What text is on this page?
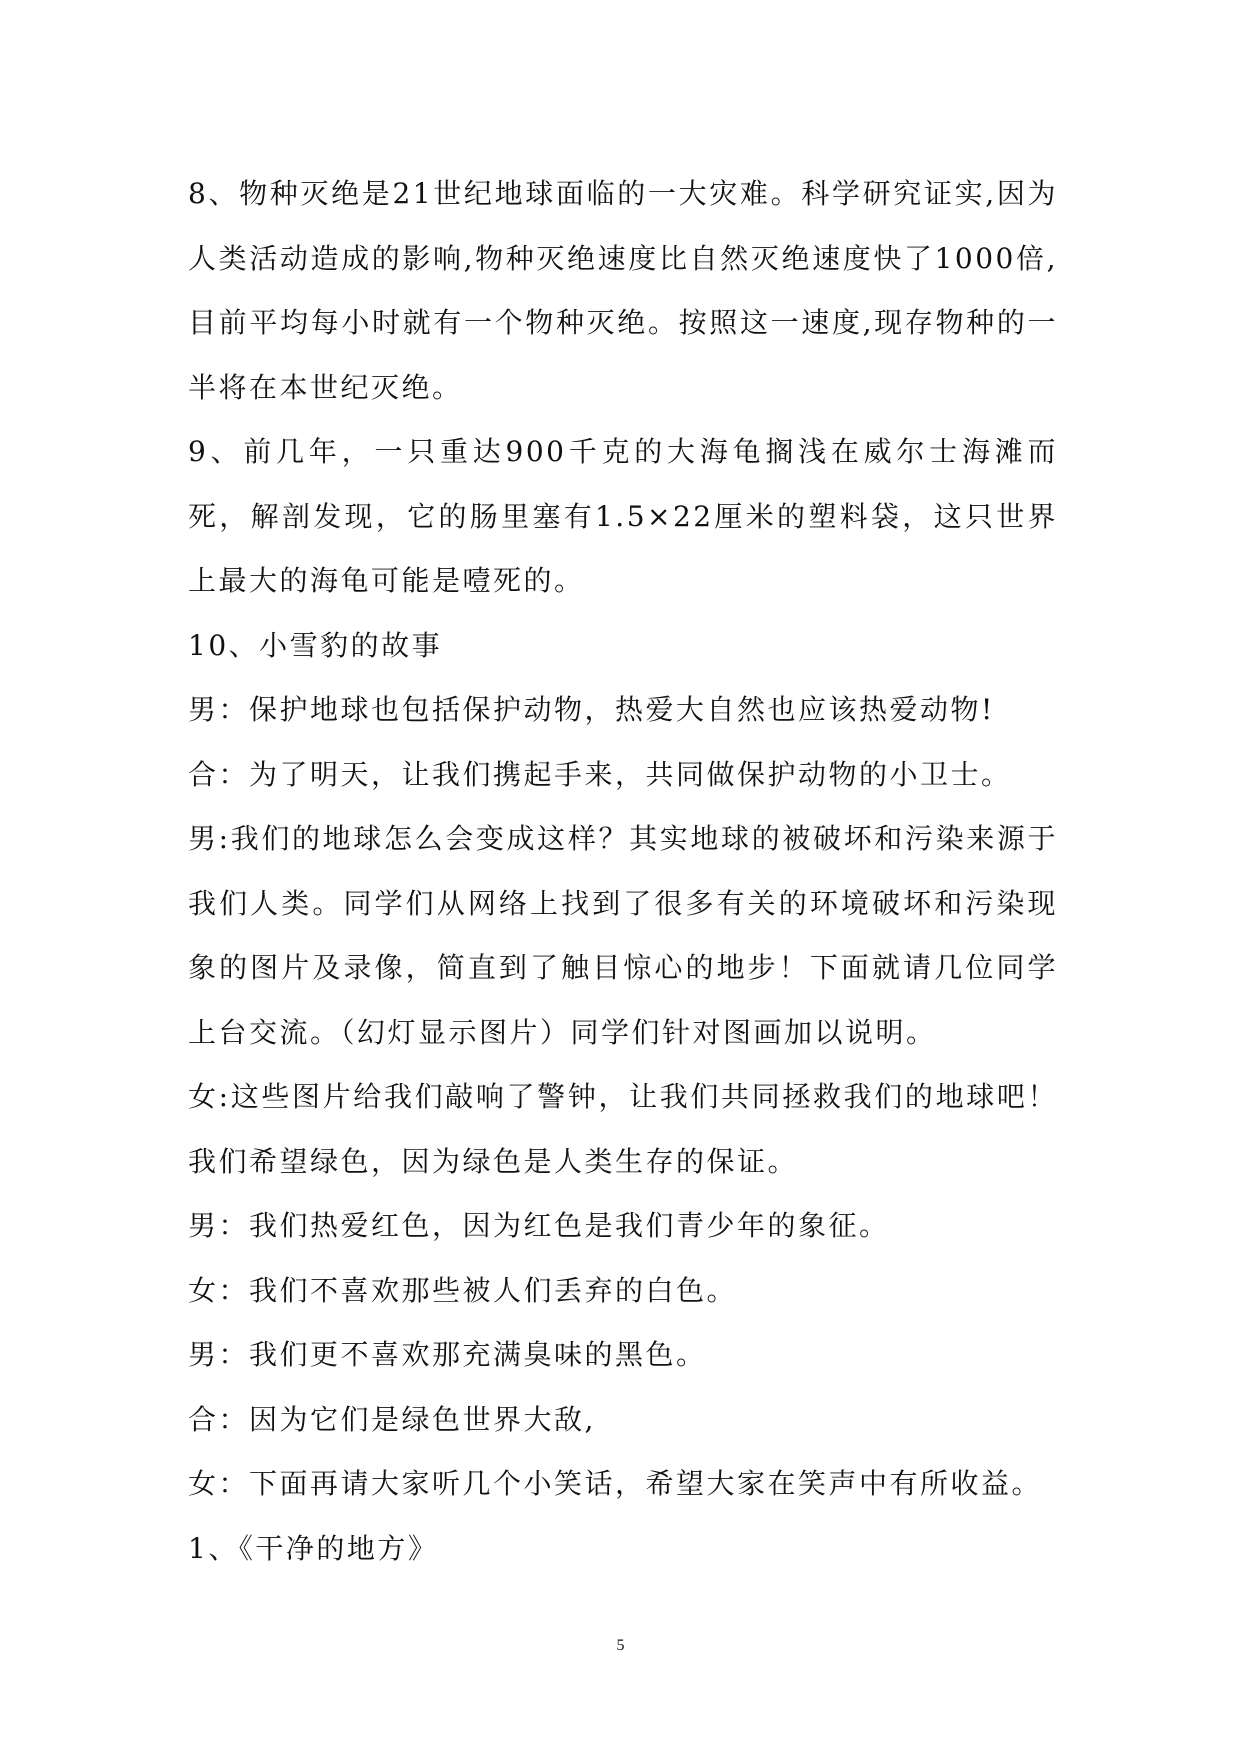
8、物种灭绝是21世纪地球面临的一大灾难。科学研究证实,因为人类活动造成的影响,物种灭绝速度比自然灭绝速度快了1000倍,目前平均每小时就有一个物种灭绝。按照这一速度,现存物种的一半将在本世纪灭绝。

9、前几年，一只重达900千克的大海龟搁浅在威尔士海滩而死，解剖发现，它的肠里塞有1.5×22厘米的塑料袋，这只世界上最大的海龟可能是噎死的。

10、小雪豹的故事

男：保护地球也包括保护动物，热爱大自然也应该热爱动物!

合：为了明天，让我们携起手来，共同做保护动物的小卫士。

男:我们的地球怎么会变成这样？其实地球的被破坏和污染来源于我们人类。同学们从网络上找到了很多有关的环境破坏和污染现象的图片及录像，简直到了触目惊心的地步！下面就请几位同学上台交流。（幻灯显示图片）同学们针对图画加以说明。

女:这些图片给我们敲响了警钟，让我们共同拯救我们的地球吧！我们希望绿色，因为绿色是人类生存的保证。

男：我们热爱红色，因为红色是我们青少年的象征。

女：我们不喜欢那些被人们丢弃的白色。

男：我们更不喜欢那充满臭味的黑色。

合：因为它们是绿色世界大敌,

女：下面再请大家听几个小笑话，希望大家在笑声中有所收益。

1、《干净的地方》

5
